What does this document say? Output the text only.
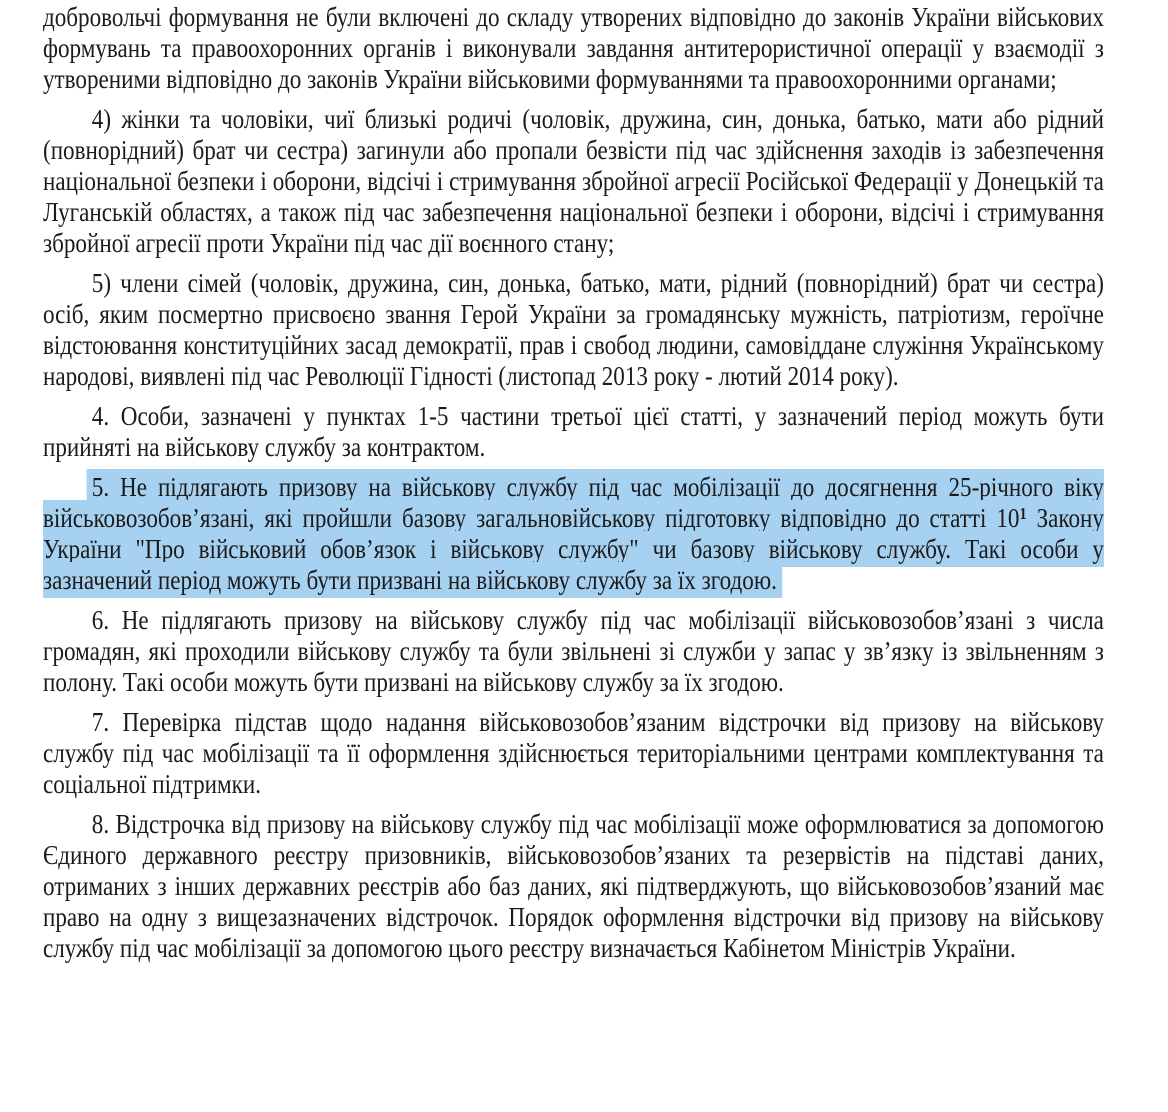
добровольчі формування не були включені до складу утворених відповідно до законів України військових формувань та правоохоронних органів і виконували завдання антитерористичної операції у взаємодії з утвореними відповідно до законів України військовими формуваннями та правоохоронними органами;

4) жінки та чоловіки, чиї близькі родичі (чоловік, дружина, син, донька, батько, мати або рідний (повнорідний) брат чи сестра) загинули або пропали безвісти під час здійснення заходів із забезпечення національної безпеки і оборони, відсічі і стримування збройної агресії Російської Федерації у Донецькій та Луганській областях, а також під час забезпечення національної безпеки і оборони, відсічі і стримування збройної агресії проти України під час дії воєнного стану;

5) члени сімей (чоловік, дружина, син, донька, батько, мати, рідний (повнорідний) брат чи сестра) осіб, яким посмертно присвоєно звання Герой України за громадянську мужність, патріотизм, героїчне відстоювання конституційних засад демократії, прав і свобод людини, самовіддане служіння Українському народові, виявлені під час Революції Гідності (листопад 2013 року - лютий 2014 року).

4. Особи, зазначені у пунктах 1-5 частини третьої цієї статті, у зазначений період можуть бути прийняті на військову службу за контрактом.

5. Не підлягають призову на військову службу під час мобілізації до досягнення 25-річного віку військовозобов’язані, які пройшли базову загальновійськову підготовку відповідно до статті $10^1$ Закону України "Про військовий обов’язок і військову службу" чи базову військову службу. Такі особи у зазначений період можуть бути призвані на військову службу за їх згодою.

6. Не підлягають призову на військову службу під час мобілізації військовозобов’язані з числа громадян, які проходили військову службу та були звільнені зі служби у запас у зв’язку із звільненням з полону. Такі особи можуть бути призвані на військову службу за їх згодою.

7. Перевірка підстав щодо надання військовозобов’язаним відстрочки від призову на військову службу під час мобілізації та її оформлення здійснюється територіальними центрами комплектування та соціальної підтримки.

8. Відстрочка від призову на військову службу під час мобілізації може оформлюватися за допомогою Єдиного державного реєстру призовників, військовозобов’язаних та резервістів на підставі даних, отриманих з інших державних реєстрів або баз даних, які підтверджують, що військовозобов’язаний має право на одну з вищезазначених відстрочок. Порядок оформлення відстрочки від призову на військову службу під час мобілізації за допомогою цього реєстру визначається Кабінетом Міністрів України.
